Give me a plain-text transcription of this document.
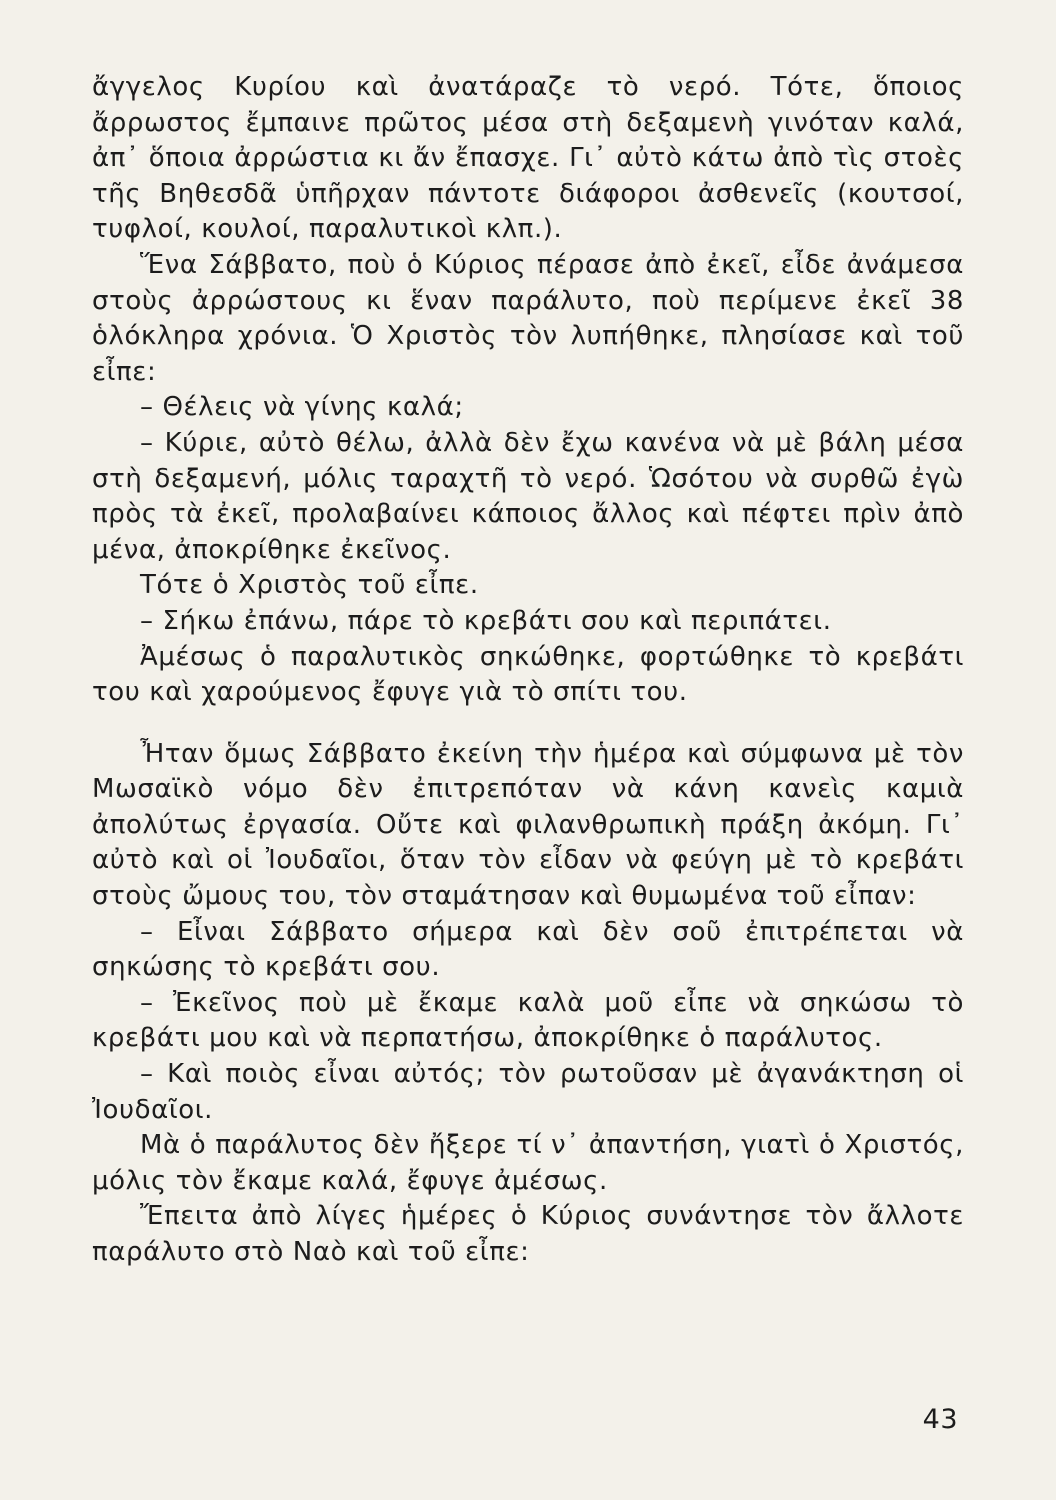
ἄγγελος Κυρίου καὶ ἀνατάραζε τὸ νερό. Τότε, ὅποιος ἄρρωστος ἔμπαινε πρῶτος μέσα στὴ δεξαμενὴ γινόταν καλά, ἀπ᾽ ὅποια ἀρρώστια κι ἄν ἔπασχε. Γι᾽ αὐτὸ κάτω ἀπὸ τὶς στοὲς τῆς Βηθεσδᾶ ὑπῆρχαν πάντοτε διάφοροι ἀσθενεῖς (κουτσοί, τυφλοί, κουλοί, παραλυτικοὶ κλπ.).

Ἕνα Σάββατο, ποὺ ὁ Κύριος πέρασε ἀπὸ ἐκεῖ, εἶδε ἀνάμεσα στοὺς ἀρρώστους κι ἕναν παράλυτο, ποὺ περίμενε ἐκεῖ 38 ὁλόκληρα χρόνια. Ὁ Χριστὸς τὸν λυπήθηκε, πλησίασε καὶ τοῦ εἶπε:

– Θέλεις νὰ γίνης καλά;

– Κύριε, αὐτὸ θέλω, ἀλλὰ δὲν ἔχω κανένα νὰ μὲ βάλη μέσα στὴ δεξαμενή, μόλις ταραχτῆ τὸ νερό. Ὡσότου νὰ συρθῶ ἐγὼ πρὸς τὰ ἐκεῖ, προλαβαίνει κάποιος ἄλλος καὶ πέφτει πρὶν ἀπὸ μένα, ἀποκρίθηκε ἐκεῖνος.

Τότε ὁ Χριστὸς τοῦ εἶπε.

– Σήκω ἐπάνω, πάρε τὸ κρεβάτι σου καὶ περιπάτει.

Ἀμέσως ὁ παραλυτικὸς σηκώθηκε, φορτώθηκε τὸ κρεβάτι του καὶ χαρούμενος ἔφυγε γιὰ τὸ σπίτι του.

Ἦταν ὅμως Σάββατο ἐκείνη τὴν ἡμέρα καὶ σύμφωνα μὲ τὸν Μωσαϊκὸ νόμο δὲν ἐπιτρεπόταν νὰ κάνη κανεὶς καμιὰ ἀπολύτως ἐργασία. Οὔτε καὶ φιλανθρωπικὴ πράξη ἀκόμη. Γι᾽ αὐτὸ καὶ οἱ Ἰουδαῖοι, ὅταν τὸν εἶδαν νὰ φεύγη μὲ τὸ κρεβάτι στοὺς ὤμους του, τὸν σταμάτησαν καὶ θυμωμένα τοῦ εἶπαν:

– Εἶναι Σάββατο σήμερα καὶ δὲν σοῦ ἐπιτρέπεται νὰ σηκώσης τὸ κρεβάτι σου.

– Ἐκεῖνος ποὺ μὲ ἔκαμε καλὰ μοῦ εἶπε νὰ σηκώσω τὸ κρεβάτι μου καὶ νὰ περπατήσω, ἀποκρίθηκε ὁ παράλυτος.

– Καὶ ποιὸς εἶναι αὐτός; τὸν ρωτοῦσαν μὲ ἀγανάκτηση οἱ Ἰουδαῖοι.

Μὰ ὁ παράλυτος δὲν ἤξερε τί ν᾽ ἀπαντήση, γιατὶ ὁ Χριστός, μόλις τὸν ἔκαμε καλά, ἔφυγε ἀμέσως.

Ἔπειτα ἀπὸ λίγες ἡμέρες ὁ Κύριος συνάντησε τὸν ἄλλοτε παράλυτο στὸ Ναὸ καὶ τοῦ εἶπε:

43
